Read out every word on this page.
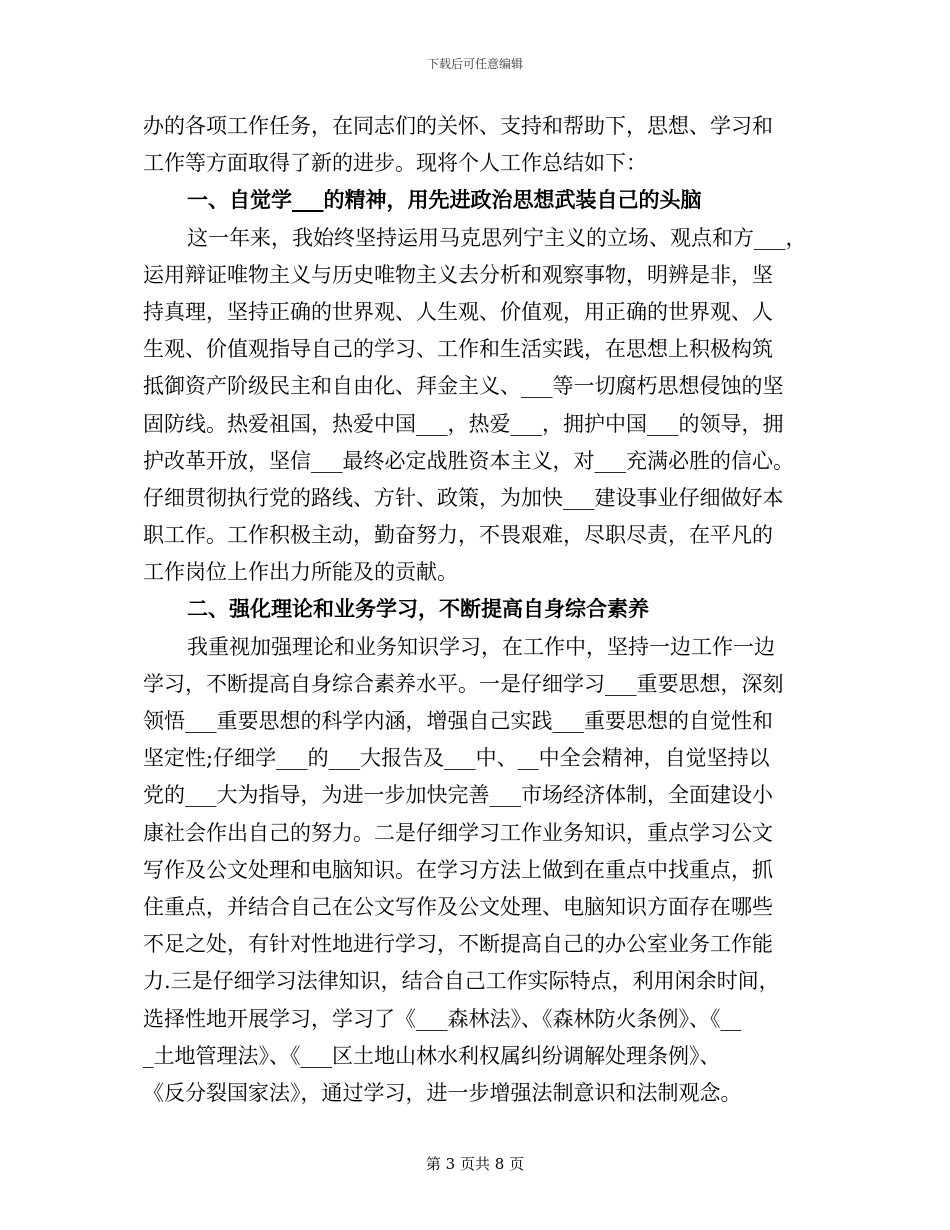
下载后可任意编辑
办的各项工作任务，在同志们的关怀、支持和帮助下，思想、学习和
工作等方面取得了新的进步。现将个人工作总结如下：
一、自觉学___的精神，用先进政治思想武装自己的头脑
这一年来，我始终坚持运用马克思列宁主义的立场、观点和方___，
运用辩证唯物主义与历史唯物主义去分析和观察事物，明辨是非，坚
持真理，坚持正确的世界观、人生观、价值观，用正确的世界观、人
生观、价值观指导自己的学习、工作和生活实践，在思想上积极构筑
抵御资产阶级民主和自由化、拜金主义、___等一切腐朽思想侵蚀的坚
固防线。热爱祖国，热爱中国___，热爱___，拥护中国___的领导，拥
护改革开放，坚信___最终必定战胜资本主义，对___充满必胜的信心。
仔细贯彻执行党的路线、方针、政策，为加快___建设事业仔细做好本
职工作。工作积极主动，勤奋努力，不畏艰难，尽职尽责，在平凡的
工作岗位上作出力所能及的贡献。
二、强化理论和业务学习，不断提高自身综合素养
我重视加强理论和业务知识学习，在工作中，坚持一边工作一边
学习，不断提高自身综合素养水平。一是仔细学习___重要思想，深刻
领悟___重要思想的科学内涵，增强自己实践___重要思想的自觉性和
坚定性;仔细学___的___大报告及___中、__中全会精神，自觉坚持以
党的___大为指导，为进一步加快完善___市场经济体制，全面建设小
康社会作出自己的努力。二是仔细学习工作业务知识，重点学习公文
写作及公文处理和电脑知识。在学习方法上做到在重点中找重点，抓
住重点，并结合自己在公文写作及公文处理、电脑知识方面存在哪些
不足之处，有针对性地进行学习，不断提高自己的办公室业务工作能
力.三是仔细学习法律知识，结合自己工作实际特点，利用闲余时间，
选择性地开展学习，学习了《___森林法》、《森林防火条例》、《__
_土地管理法》、《___区土地山林水利权属纠纷调解处理条例》、
《反分裂国家法》，通过学习，进一步增强法制意识和法制观念。
第 3 页共 8 页
